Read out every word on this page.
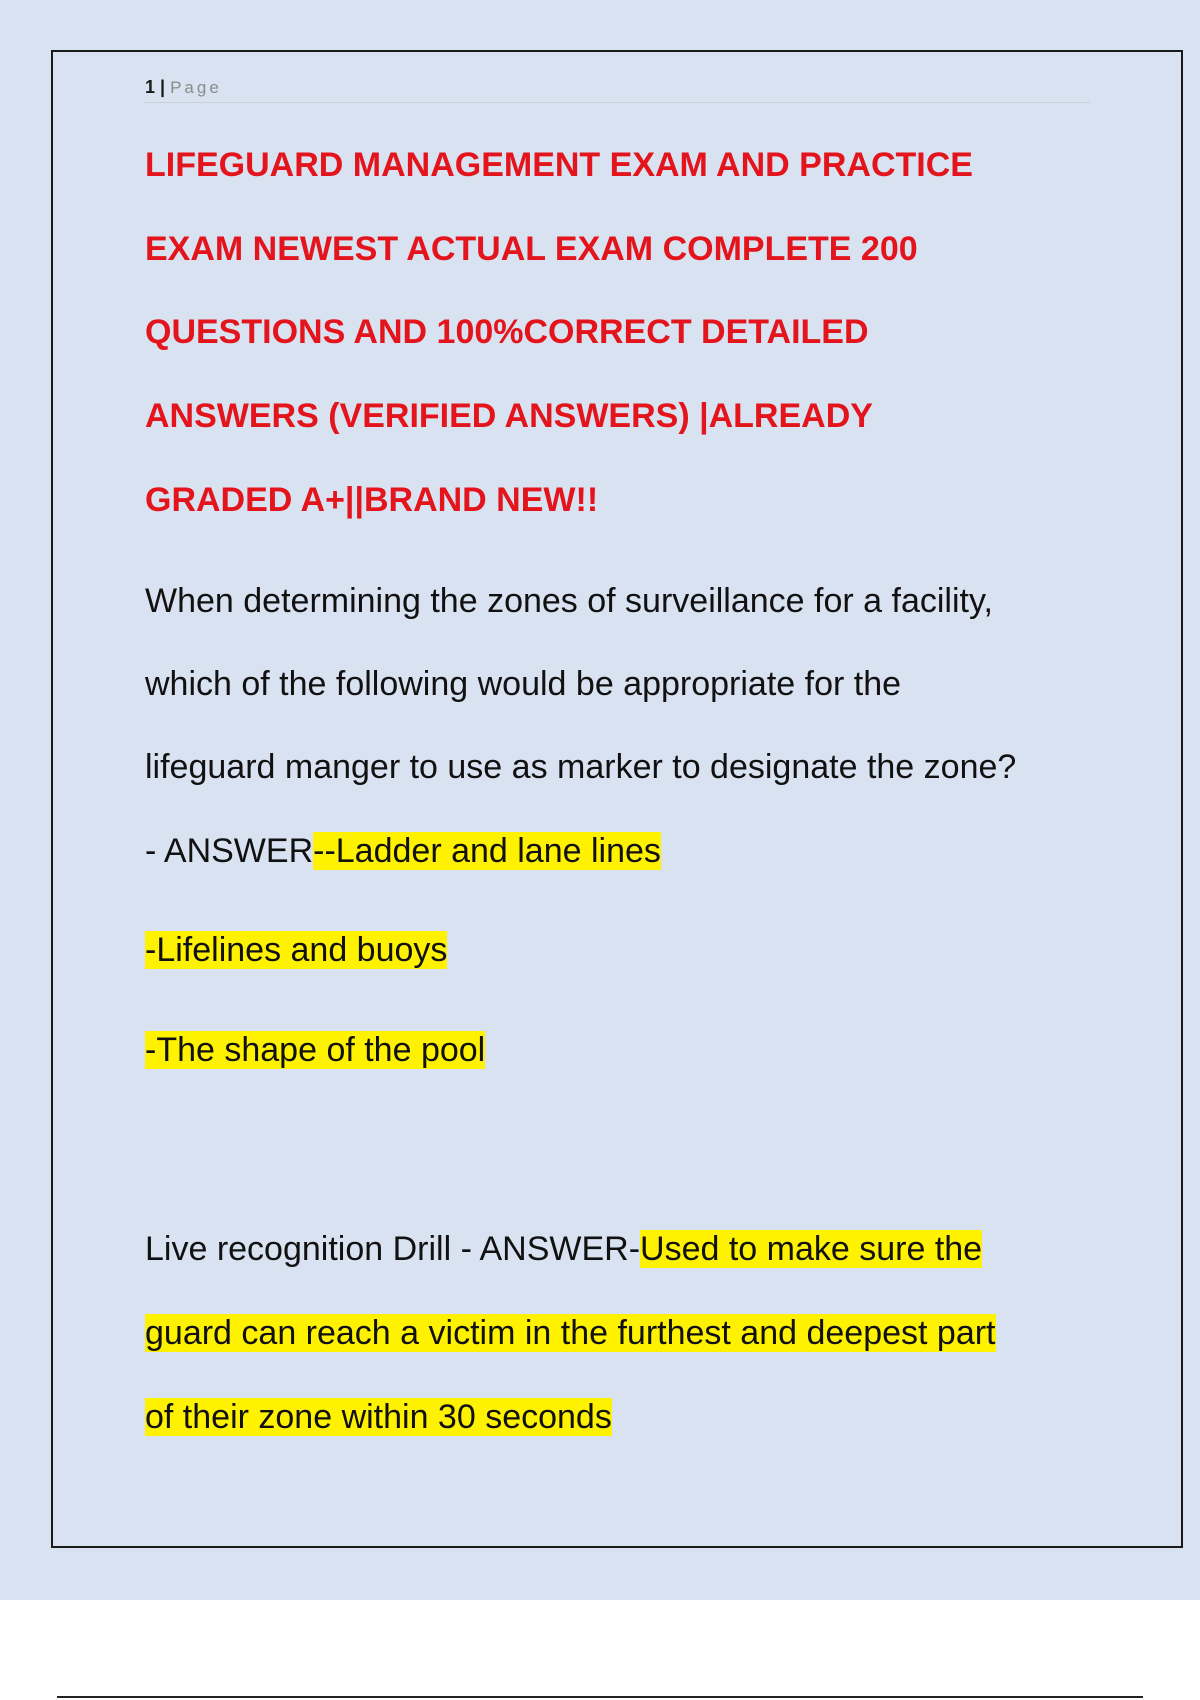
1 | Page
LIFEGUARD MANAGEMENT EXAM AND PRACTICE
EXAM NEWEST ACTUAL EXAM COMPLETE 200
QUESTIONS AND 100%CORRECT DETAILED
ANSWERS (VERIFIED ANSWERS) |ALREADY
GRADED A+||BRAND NEW!!
When determining the zones of surveillance for a facility,
which of the following would be appropriate for the
lifeguard manger to use as marker to designate the zone?
- ANSWER--Ladder and lane lines
-Lifelines and buoys
-The shape of the pool
Live recognition Drill - ANSWER-Used to make sure the
guard can reach a victim in the furthest and deepest part
of their zone within 30 seconds
